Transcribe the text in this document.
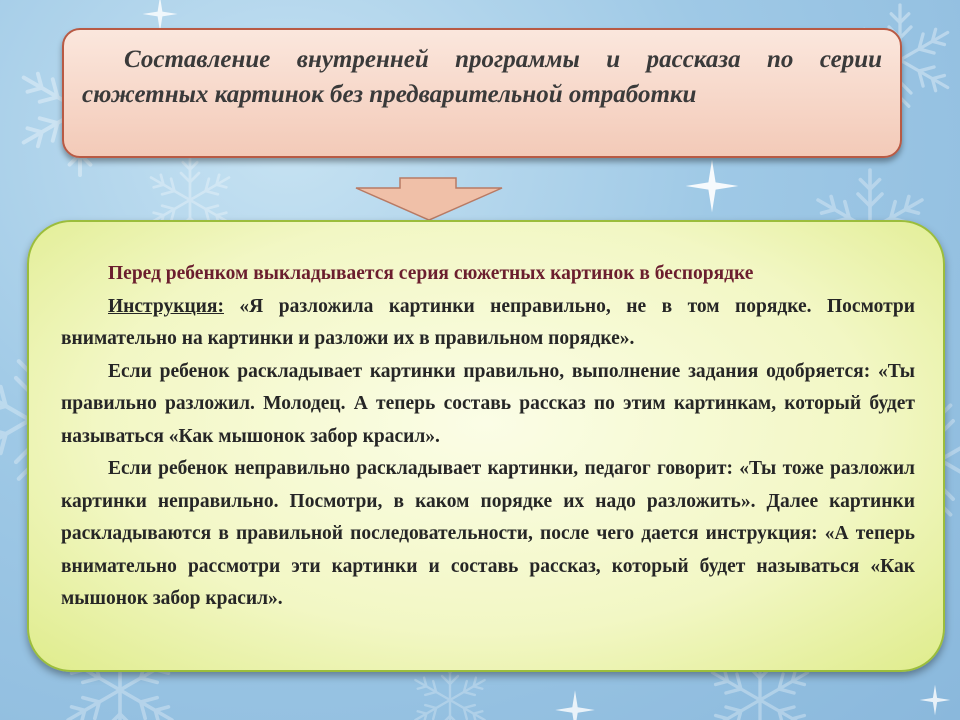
Составление внутренней программы и рассказа по серии сюжетных картинок без предварительной отработки

Перед ребенком выкладывается серия сюжетных картинок в беспорядке

Инструкция: «Я разложила картинки неправильно, не в том порядке. Посмотри внимательно на картинки и разложи их в правильном порядке».

Если ребенок раскладывает картинки правильно, выполнение задания одобряется: «Ты правильно разложил. Молодец. А теперь составь рассказ по этим картинкам, который будет называться «Как мышонок забор красил».

Если ребенок неправильно раскладывает картинки, педагог говорит: «Ты тоже разложил картинки неправильно. Посмотри, в каком порядке их надо разложить». Далее картинки раскладываются в правильной последовательности, после чего дается инструкция: «А теперь внимательно рассмотри эти картинки и составь рассказ, который будет называться «Как мышонок забор красил».
